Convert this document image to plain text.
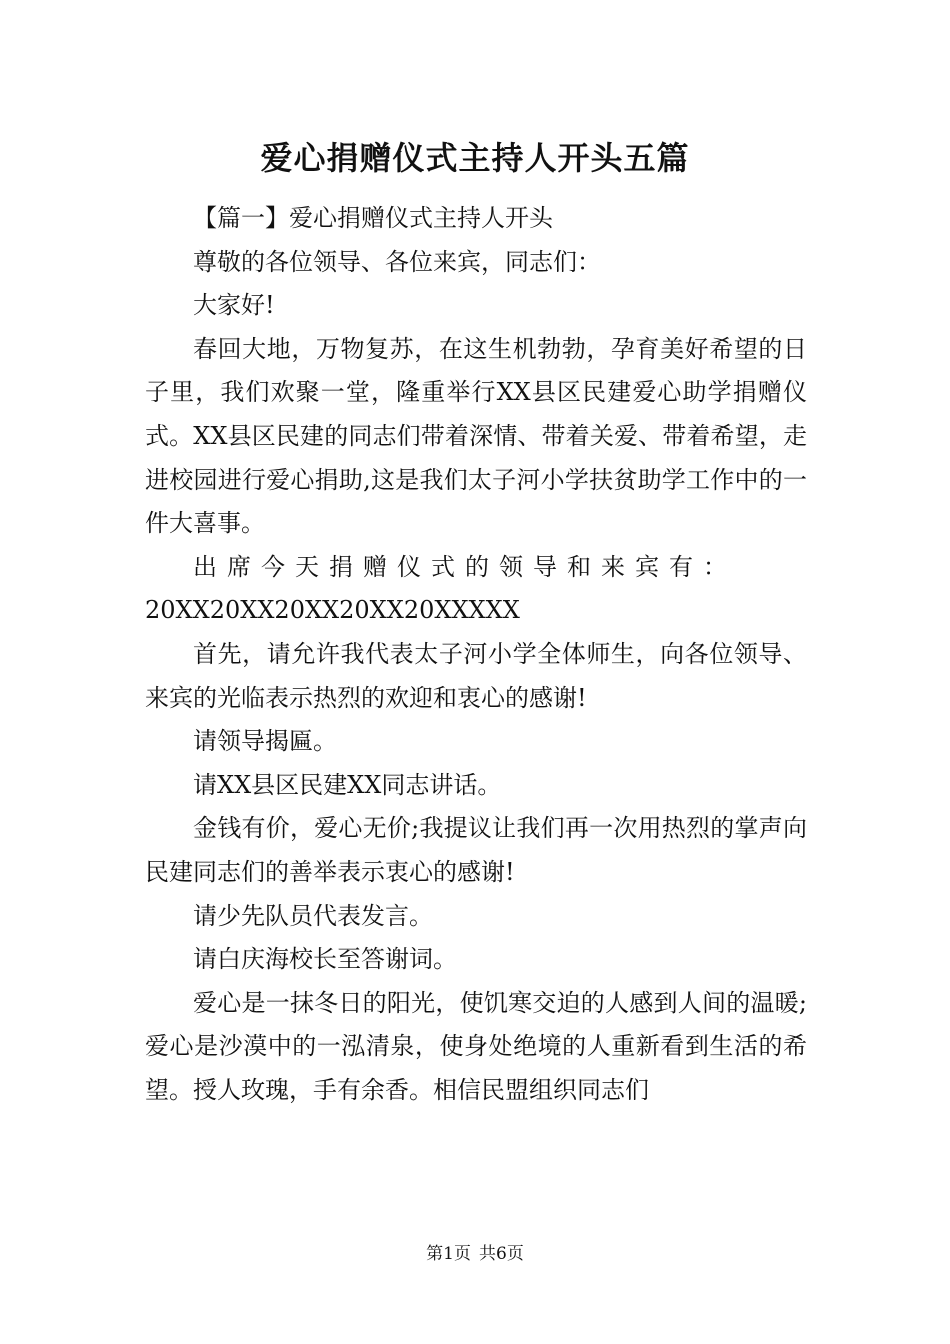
爱心捐赠仪式主持人开头五篇

【篇一】爱心捐赠仪式主持人开头

尊敬的各位领导、各位来宾，同志们：

大家好!

春回大地，万物复苏，在这生机勃勃，孕育美好希望的日子里，我们欢聚一堂，隆重举行XX县区民建爱心助学捐赠仪式。XX县区民建的同志们带着深情、带着关爱、带着希望，走进校园进行爱心捐助,这是我们太子河小学扶贫助学工作中的一件大喜事。

出席今天捐赠仪式的领导和来宾有：

20XX20XX20XX20XX20XXXXX

首先，请允许我代表太子河小学全体师生，向各位领导、来宾的光临表示热烈的欢迎和衷心的感谢!

请领导揭匾。

请XX县区民建XX同志讲话。

金钱有价，爱心无价;我提议让我们再一次用热烈的掌声向民建同志们的善举表示衷心的感谢!

请少先队员代表发言。

请白庆海校长至答谢词。

爱心是一抹冬日的阳光，使饥寒交迫的人感到人间的温暖;爱心是沙漠中的一泓清泉，使身处绝境的人重新看到生活的希望。授人玫瑰，手有余香。相信民盟组织同志们

第1页 共6页
